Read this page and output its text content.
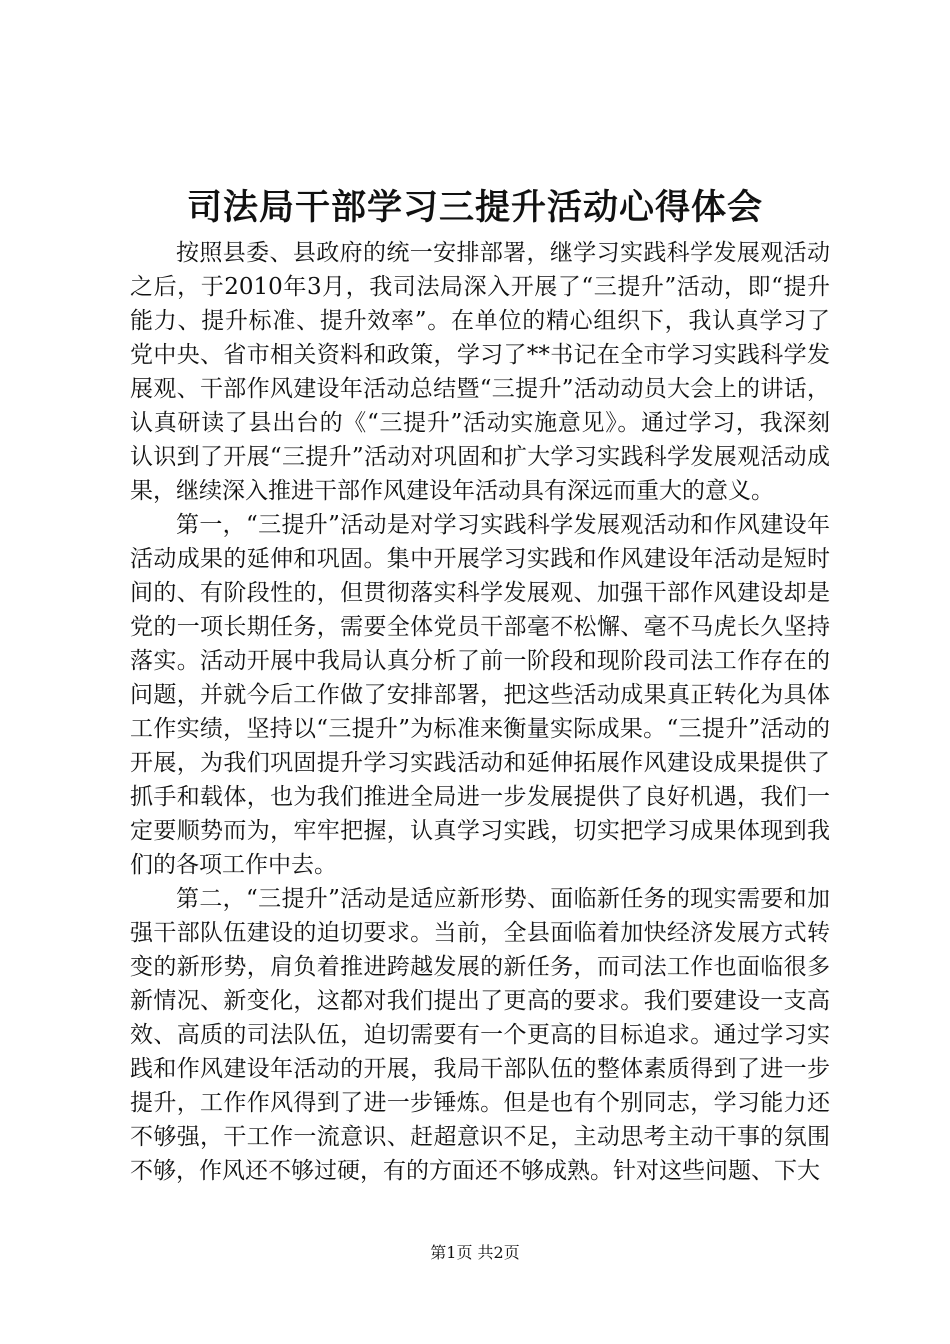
司法局干部学习三提升活动心得体会

按照县委、县政府的统一安排部署，继学习实践科学发展观活动之后，于2010年3月，我司法局深入开展了“三提升”活动，即“提升能力、提升标准、提升效率”。在单位的精心组织下，我认真学习了党中央、省市相关资料和政策，学习了**书记在全市学习实践科学发展观、干部作风建设年活动总结暨“三提升”活动动员大会上的讲话，认真研读了县出台的《“三提升”活动实施意见》。通过学习，我深刻认识到了开展“三提升”活动对巩固和扩大学习实践科学发展观活动成果，继续深入推进干部作风建设年活动具有深远而重大的意义。

第一，“三提升”活动是对学习实践科学发展观活动和作风建设年活动成果的延伸和巩固。集中开展学习实践和作风建设年活动是短时间的、有阶段性的，但贯彻落实科学发展观、加强干部作风建设却是党的一项长期任务，需要全体党员干部毫不松懈、毫不马虎长久坚持落实。活动开展中我局认真分析了前一阶段和现阶段司法工作存在的问题，并就今后工作做了安排部署，把这些活动成果真正转化为具体工作实绩，坚持以“三提升”为标准来衡量实际成果。“三提升”活动的开展，为我们巩固提升学习实践活动和延伸拓展作风建设成果提供了抓手和载体，也为我们推进全局进一步发展提供了良好机遇，我们一定要顺势而为，牢牢把握，认真学习实践，切实把学习成果体现到我们的各项工作中去。

第二，“三提升”活动是适应新形势、面临新任务的现实需要和加强干部队伍建设的迫切要求。当前，全县面临着加快经济发展方式转变的新形势，肩负着推进跨越发展的新任务，而司法工作也面临很多新情况、新变化，这都对我们提出了更高的要求。我们要建设一支高效、高质的司法队伍，迫切需要有一个更高的目标追求。通过学习实践和作风建设年活动的开展，我局干部队伍的整体素质得到了进一步提升，工作作风得到了进一步锤炼。但是也有个别同志，学习能力还不够强，干工作一流意识、赶超意识不足，主动思考主动干事的氛围不够，作风还不够过硬，有的方面还不够成熟。针对这些问题、下大

第1页 共2页
